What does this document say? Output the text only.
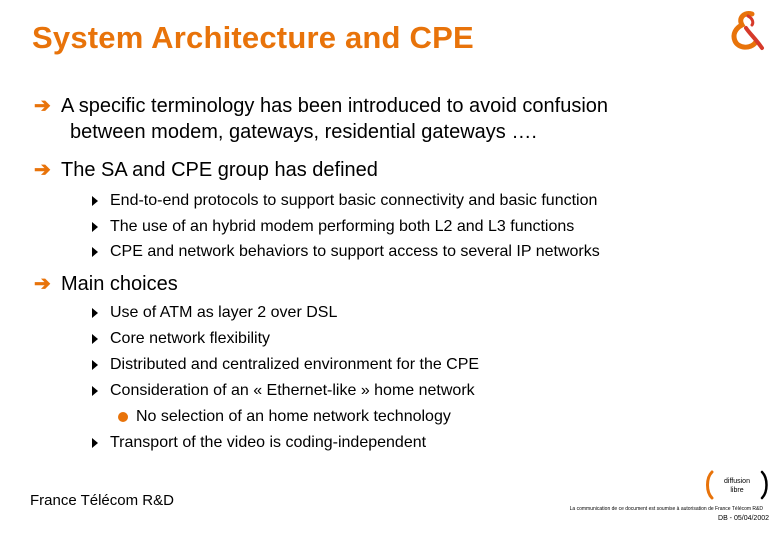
System Architecture and CPE
➔ A specific terminology has been introduced to avoid confusion
between modem, gateways, residential gateways ….
➔ The SA and CPE group has defined
End-to-end protocols to support basic connectivity and basic function
The use of an hybrid modem performing both L2 and L3 functions
CPE and network behaviors to support access to several IP networks
➔ Main choices
Use of ATM as layer 2 over DSL
Core network flexibility
Distributed and centralized environment for the CPE
Consideration of an « Ethernet-like » home network
No selection of an home network technology
Transport of the video is coding-independent
France Télécom R&D
diffusion
libre
La communication de ce document est soumise à autorisation de France Télécom R&D
DB - 05/04/2002
